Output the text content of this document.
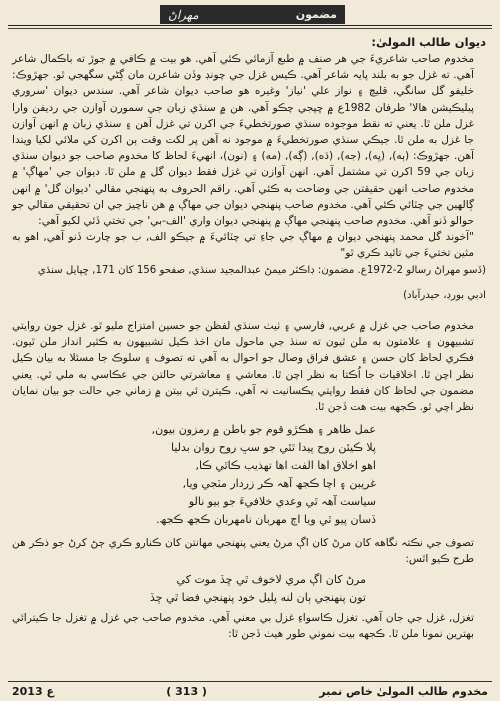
مهراڻ	مضمون

ديوان طالب المولیٰ:

مخدوم صاحب شاعريءَ جي هر صنف ۾ طبع آزمائي ڪئي آهي. هو بيت ۾ ڪافي ۾ جوڙ ته باڪمال شاعر آهي. ته غزل جو به بلند پايہ شاعر آهي. ڪيس غزل جي چونڊ وڏن شاعرن مان ڳڻي سگهجي ٿو. جهڙوڪ: خليفو گل سانگي، قليچ ۽ نواز علي 'نياز' وغيره هو صاحب ديوان شاعر آهي. سندس ديوان 'سروري پبليڪيشن هالا' طرفان 1982ع ۾ ڇپجي چڪو آهي. هن ۾ سنڌي زبان جي سمورن آوازن جي رديفن وارا غزل ملن ٿا. يعني ته نقط موجوده سنڌي صورتخطيءَ جي اکرن تي غزل آهن ۽ سنڌي زبان ۾ انهن آوازن جا غزل به ملن ٿا. جيڪي سنڌي صورتخطيءَ ۾ موجود نه آهن پر لکت وقت ٻن اکرن کي ملائي لکيا ويندا آهن. جهڙوڪ: (ٻه), (ڀه), (جه), (ڌه), (ڳه), (مه) ۽ (نون)، انهيءَ لحاظ کا مخدوم صاحب جو ديوان سنڌي زبان جي 59 اکرن تي مشتمل آهي. انهن آوازن تي غزل فقط ديوان گل ۾ ملن ٿا. ديوان جي 'مهاڳ' ۾ مخدوم صاحب انهن حقيقتن جي وضاحت به ڪئي آهي. راقم الحروف به پنهنجي مقالي 'ديوان گل' ۾ انهن ڳالهين جي چٽائي ڪئي آهي. مخدوم صاحب پنهنجي ديوان جي مهاڳ ۾ هن ناچيز جي ان تحقيقي مقالي جو حوالو ڏنو آهي. مخدوم صاحب پنهنجي مهاڳ ۾ پنهنجي ديوان واري 'الف-بي' جي تختي ڏئي لکيو آهي:

"آخوند گل محمد پنهنجي ديوان ۾ مهاڳ جي جاءِ تي چٽائيءَ ۾ جيڪو الف, ب جو چارٽ ڏنو آهي, اهو به مثين تختيءَ جي تائيد ڪري ٿو"

(ڏسو مهراڻ رسالو 2-1972ع. مضمون: ڊاڪٽر ميمڻ عبدالمجيد سنڌي, صفحو 156 کان 171, ڇپايل سنڌي

ادبي بورڊ، حيدرآباد)

مخدوم صاحب جي غزل ۾ عربي, فارسي ۽ ٺيٺ سنڌي لفظن جو حسين امتزاج مليو ٿو. غزل جون روايتي تشبيهون ۽ علامتون به ملن ٿيون ته سنڌ جي ماحول مان اخذ ڪيل تشبيهون به ڪثير انداز ملن ٿيون. فڪري لحاظ کان حسن ۽ عشق فراق وصال جو احوال به آهي ته تصوف ۽ سلوڪ جا مسئلا به بيان ڪيل نظر اچن ٿا. اخلاقيات جا اُڪتا به نظر اچن ٿا. معاشي ۽ معاشرتي حالتن جي عڪاسي به ملي ٿي. يعني مضمون جي لحاظ کان فقط روايتي يڪسانيت نہ آهي. ڪيترن ئي بيتن ۾ زماني جي حالت جو بيان نمايان نظر اچي ٿو. ڪجهه بيت هت ڏجن ٿا.

عمل ظاهر ۽ هڪڙو قوم جو باطن ۾ رمزون بيون,

پلا ڪيئن روح پيدا ٿئي جو سڀ روح روان بدليا

اهو اخلاق اها الفت اها تهذيب ڪاٿي ڪا,

غريبن ۽ اچا ڪجھ آهہ ڪر زردار مٽجي ويا,

سياست آهہ ٿي وعدي خلافيءَ جو بيو نالو

ڏسان پيو ٿي ويا اڄ مهربان نامهربان ڪجھ ڪجھ.

تصوف جي نڪتہ نگاهه کان مرڻ کان اڳ مرڻ يعني پنهنجي مهانتن کان ڪنارو ڪري ڄڻ کرڻ جو ذڪر هن طرح ڪيو اٿس:

مرڻ کان اڳ مري لاخوف ٿي ڇڏ موت کي

تون پنهنجي ٻان لنه پليل خود پنهنجي فضا ٿي ڇڏ

تغزل, غزل جي جان آهي. تغزل ڪاسواءِ غزل بي معني آهي. مخدوم صاحب جي غزل ۾ تغزل جا ڪيترائي بهترين نمونا ملن ٿا. ڪجهه بيت نموني طور هيٺ ڏجن ٿا:

2013 ع	( 313 )	مخدوم طالب المولیٰ خاص نمبر
